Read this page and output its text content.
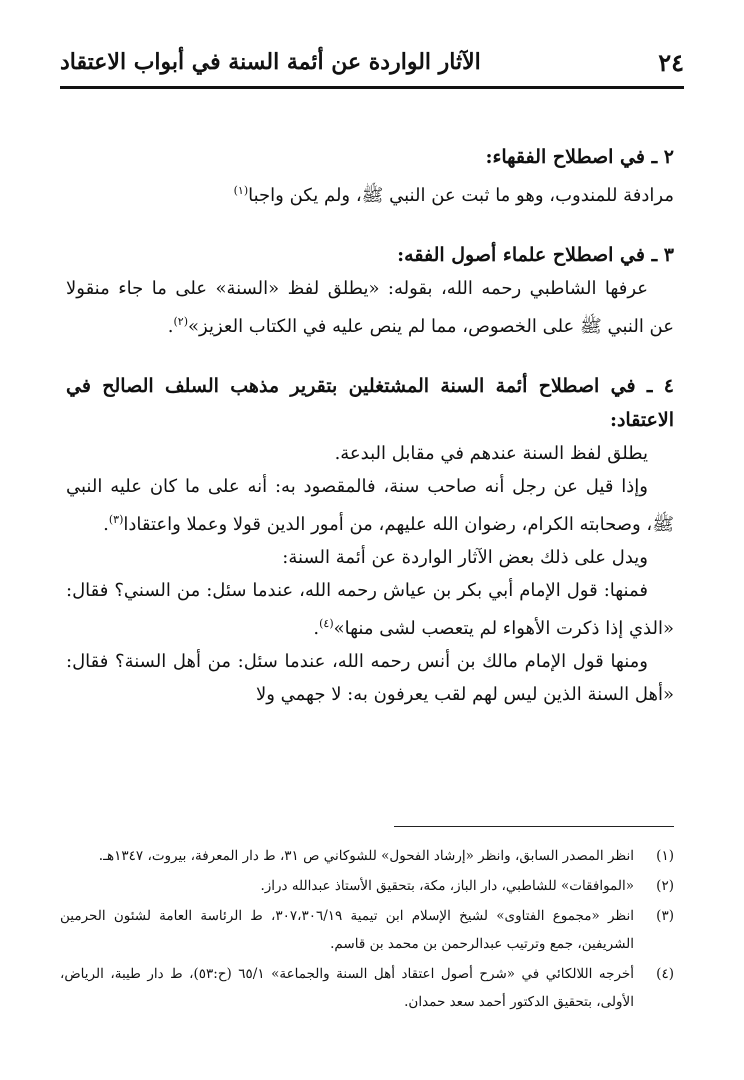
٢٤
الآثار الواردة عن أئمة السنة في أبواب الاعتقاد
٢ ـ في اصطلاح الفقهاء:
مرادفة للمندوب، وهو ما ثبت عن النبي ﷺ، ولم يكن واجبا$^{(١)}$
٣ ـ في اصطلاح علماء أصول الفقه:
عرفها الشاطبي رحمه الله، بقوله: «يطلق لفظ «السنة» على ما جاء منقولا عن النبي ﷺ على الخصوص، مما لم ينص عليه في الكتاب العزيز»$^{(٢)}$.
٤ ـ في اصطلاح أئمة السنة المشتغلين بتقرير مذهب السلف الصالح في الاعتقاد:
يطلق لفظ السنة عندهم في مقابل البدعة.
وإذا قيل عن رجل أنه صاحب سنة، فالمقصود به: أنه على ما كان عليه النبي ﷺ، وصحابته الكرام، رضوان الله عليهم، من أمور الدين قولا وعملا واعتقادا$^{(٣)}$.
ويدل على ذلك بعض الآثار الواردة عن أئمة السنة:
فمنها: قول الإمام أبي بكر بن عياش رحمه الله، عندما سئل: من السني؟ فقال: «الذي إذا ذكرت الأهواء لم يتعصب لشى منها»$^{(٤)}$.
ومنها قول الإمام مالك بن أنس رحمه الله، عندما سئل: من أهل السنة؟ فقال: «أهل السنة الذين ليس لهم لقب يعرفون به: لا جهمي ولا
(١)
انظر المصدر السابق، وانظر «إرشاد الفحول» للشوكاني ص ٣١، ط دار المعرفة، بيروت، ١٣٤٧هـ.
(٢)
«الموافقات» للشاطبي، دار الباز، مكة، بتحقيق الأستاذ عبدالله دراز.
(٣)
انظر «مجموع الفتاوى» لشيخ الإسلام ابن تيمية ٣٠٧،٣٠٦/١٩، ط الرئاسة العامة لشئون الحرمين الشريفين، جمع وترتيب عبدالرحمن بن محمد بن قاسم.
(٤)
أخرجه اللالكائي في «شرح أصول اعتقاد أهل السنة والجماعة» ٦٥/١ (ح:٥٣)، ط دار طيبة، الرياض، الأولى، بتحقيق الدكتور أحمد سعد حمدان.
